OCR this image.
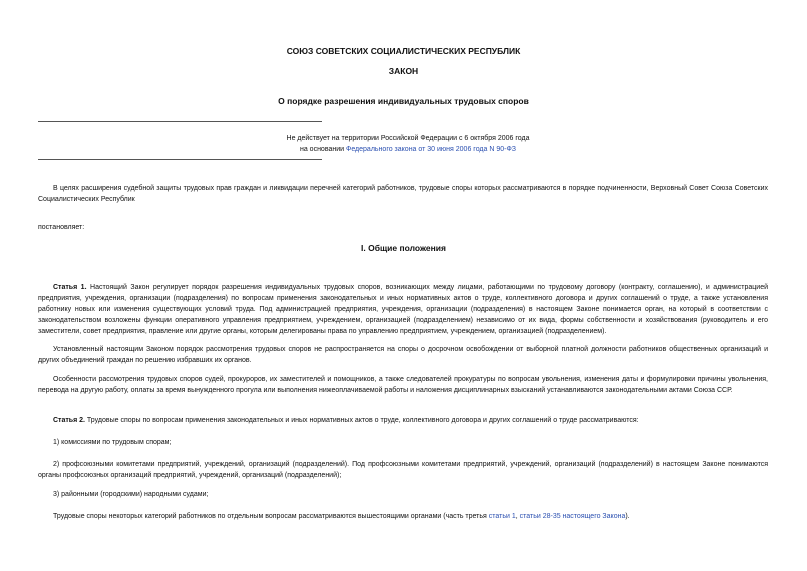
СОЮЗ СОВЕТСКИХ СОЦИАЛИСТИЧЕСКИХ РЕСПУБЛИК
ЗАКОН
О порядке разрешения индивидуальных трудовых споров
Не действует на территории Российской Федерации с 6 октября 2006 года
на основании Федерального закона от 30 июня 2006 года N 90-ФЗ
В целях расширения судебной защиты трудовых прав граждан и ликвидации перечней категорий работников, трудовые споры которых рассматриваются в порядке подчиненности, Верховный Совет Союза Советских Социалистических Республик
постановляет:
I. Общие положения
Статья 1. Настоящий Закон регулирует порядок разрешения индивидуальных трудовых споров, возникающих между лицами, работающими по трудовому договору (контракту, соглашению), и администрацией предприятия, учреждения, организации (подразделения) по вопросам применения законодательных и иных нормативных актов о труде, коллективного договора и других соглашений о труде, а также установления работнику новых или изменения существующих условий труда. Под администрацией предприятия, учреждения, организации (подразделения) в настоящем Законе понимается орган, на который в соответствии с законодательством возложены функции оперативного управления предприятием, учреждением, организацией (подразделением) независимо от их вида, формы собственности и хозяйствования (руководитель и его заместители, совет предприятия, правление или другие органы, которым делегированы права по управлению предприятием, учреждением, организацией (подразделением).
Установленный настоящим Законом порядок рассмотрения трудовых споров не распространяется на споры о досрочном освобождении от выборной платной должности работников общественных организаций и других объединений граждан по решению избравших их органов.
Особенности рассмотрения трудовых споров судей, прокуроров, их заместителей и помощников, а также следователей прокуратуры по вопросам увольнения, изменения даты и формулировки причины увольнения, перевода на другую работу, оплаты за время вынужденного прогула или выполнения нижеоплачиваемой работы и наложения дисциплинарных взысканий устанавливаются законодательными актами Союза ССР.
Статья 2. Трудовые споры по вопросам применения законодательных и иных нормативных актов о труде, коллективного договора и других соглашений о труде рассматриваются:
1) комиссиями по трудовым спорам;
2) профсоюзными комитетами предприятий, учреждений, организаций (подразделений). Под профсоюзными комитетами предприятий, учреждений, организаций (подразделений) в настоящем Законе понимаются органы профсоюзных организаций предприятий, учреждений, организаций (подразделений);
3) районными (городскими) народными судами;
Трудовые споры некоторых категорий работников по отдельным вопросам рассматриваются вышестоящими органами (часть третья статьи 1, статьи 28-35 настоящего Закона).
